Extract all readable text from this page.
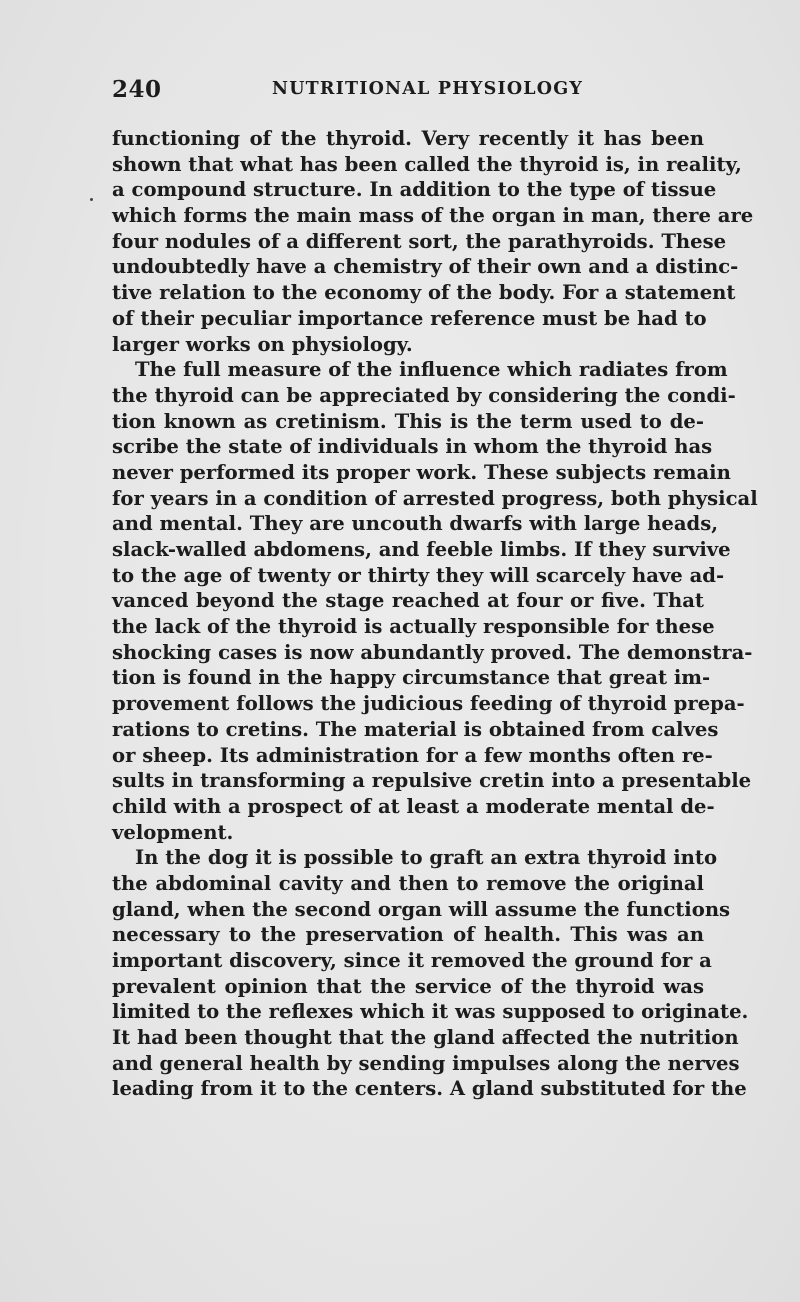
240	NUTRITIONAL PHYSIOLOGY
functioning of the thyroid. Very recently it has been
shown that what has been called the thyroid is, in reality,
a compound structure. In addition to the type of tissue
which forms the main mass of the organ in man, there are
four nodules of a different sort, the parathyroids. These
undoubtedly have a chemistry of their own and a distinc-
tive relation to the economy of the body. For a statement
of their peculiar importance reference must be had to
larger works on physiology.
The full measure of the influence which radiates from
the thyroid can be appreciated by considering the condi-
tion known as cretinism. This is the term used to de-
scribe the state of individuals in whom the thyroid has
never performed its proper work. These subjects remain
for years in a condition of arrested progress, both physical
and mental. They are uncouth dwarfs with large heads,
slack-walled abdomens, and feeble limbs. If they survive
to the age of twenty or thirty they will scarcely have ad-
vanced beyond the stage reached at four or five. That
the lack of the thyroid is actually responsible for these
shocking cases is now abundantly proved. The demonstra-
tion is found in the happy circumstance that great im-
provement follows the judicious feeding of thyroid prepa-
rations to cretins. The material is obtained from calves
or sheep. Its administration for a few months often re-
sults in transforming a repulsive cretin into a presentable
child with a prospect of at least a moderate mental de-
velopment.
In the dog it is possible to graft an extra thyroid into
the abdominal cavity and then to remove the original
gland, when the second organ will assume the functions
necessary to the preservation of health. This was an
important discovery, since it removed the ground for a
prevalent opinion that the service of the thyroid was
limited to the reflexes which it was supposed to originate.
It had been thought that the gland affected the nutrition
and general health by sending impulses along the nerves
leading from it to the centers. A gland substituted for the
